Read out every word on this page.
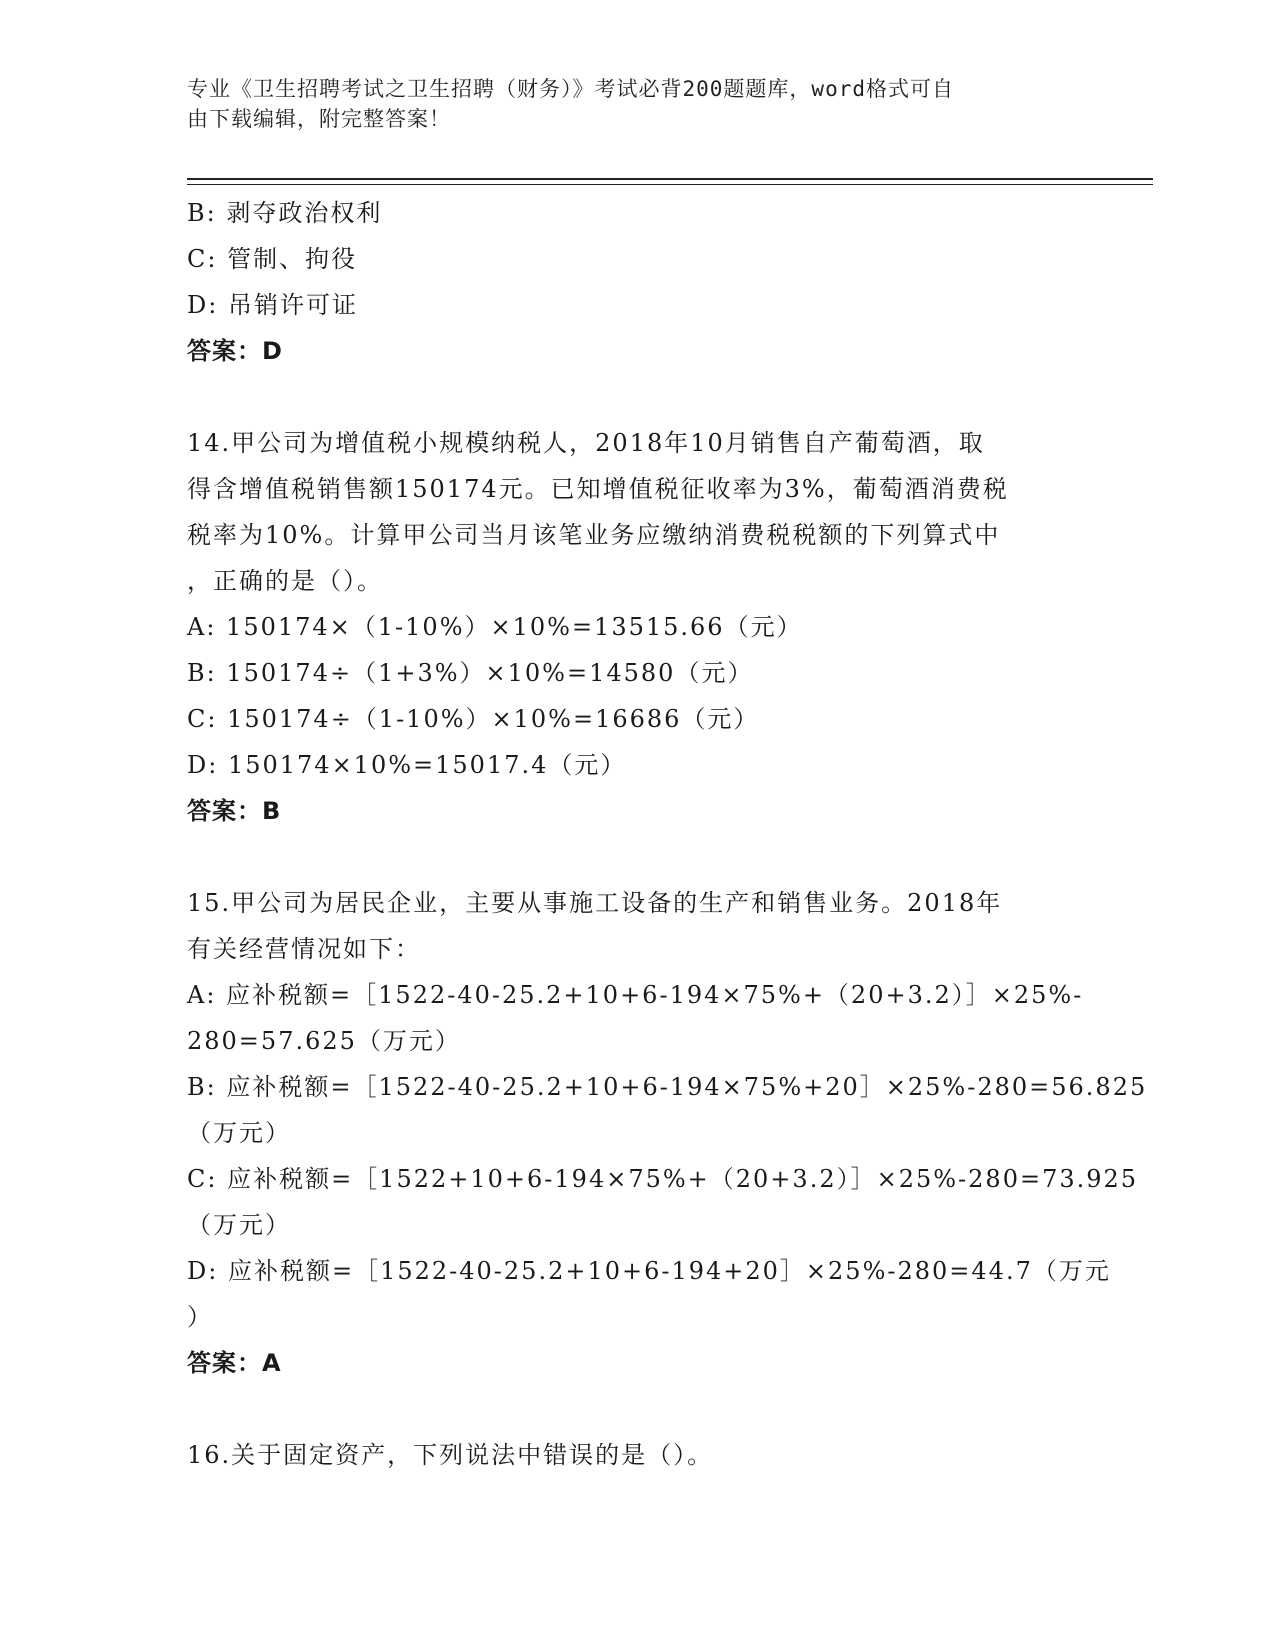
专业《卫生招聘考试之卫生招聘（财务）》考试必背200题题库，word格式可自
由下载编辑，附完整答案！
B: 剥夺政治权利
C: 管制、拘役
D: 吊销许可证
答案：D
14.甲公司为增值税小规模纳税人，2018年10月销售自产葡萄酒，取
得含增值税销售额150174元。已知增值税征收率为3%，葡萄酒消费税
税率为10%。计算甲公司当月该笔业务应缴纳消费税税额的下列算式中
，正确的是（）。
A: 150174×（1-10%）×10%=13515.66（元）
B: 150174÷（1+3%）×10%=14580（元）
C: 150174÷（1-10%）×10%=16686（元）
D: 150174×10%=15017.4（元）
答案：B
15.甲公司为居民企业，主要从事施工设备的生产和销售业务。2018年
有关经营情况如下：
A: 应补税额=［1522-40-25.2+10+6-194×75%+（20+3.2）］×25%-
280=57.625（万元）
B: 应补税额=［1522-40-25.2+10+6-194×75%+20］×25%-280=56.825
（万元）
C: 应补税额=［1522+10+6-194×75%+（20+3.2）］×25%-280=73.925
（万元）
D: 应补税额=［1522-40-25.2+10+6-194+20］×25%-280=44.7（万元
）
答案：A
16.关于固定资产，下列说法中错误的是（）。
